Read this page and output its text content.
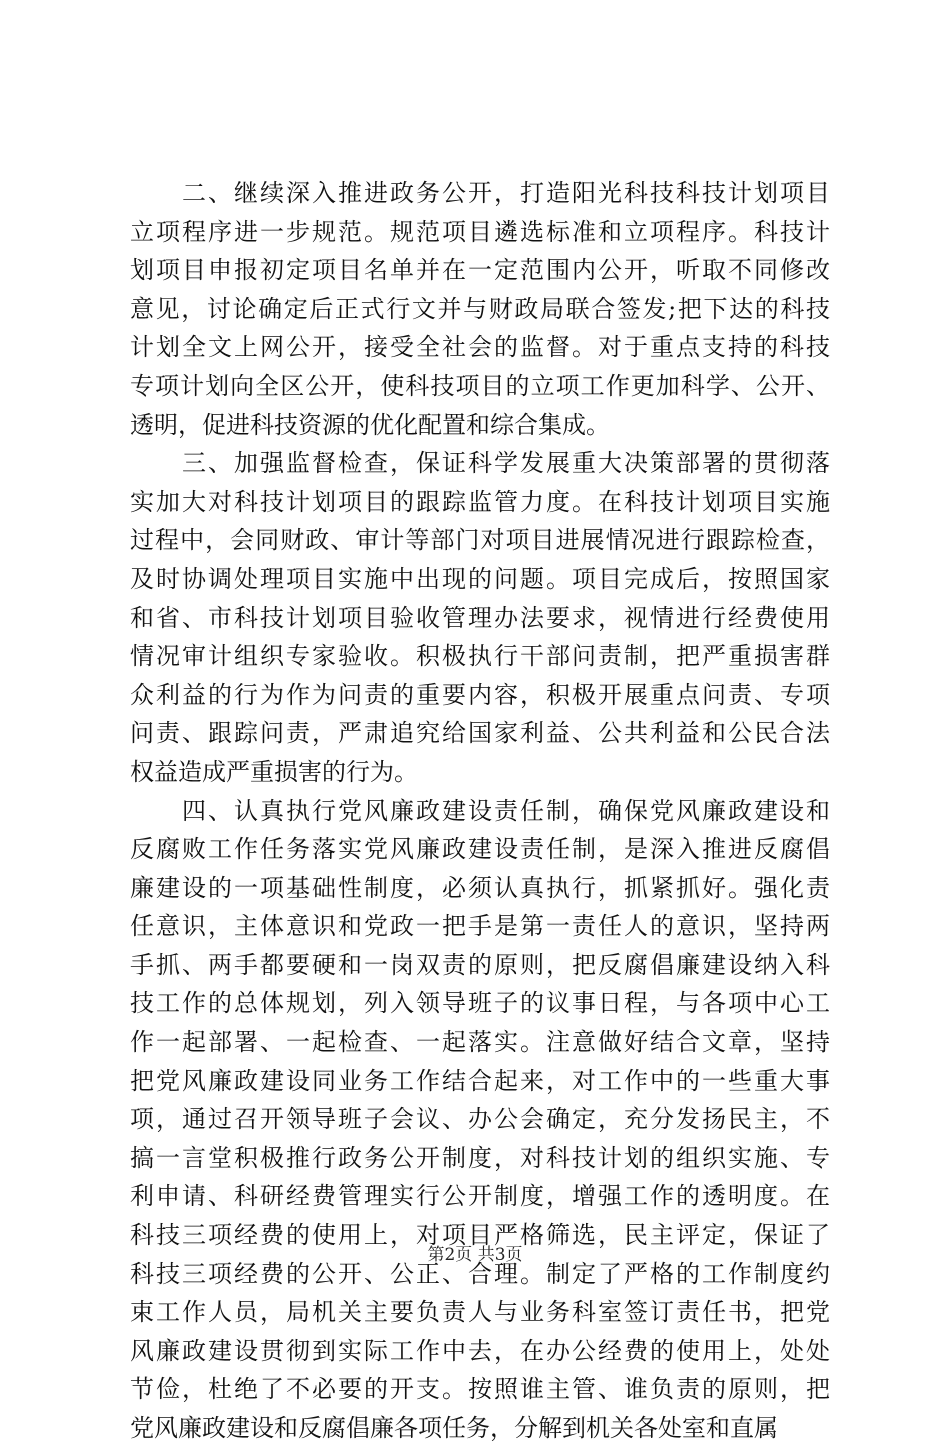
　　二、继续深入推进政务公开，打造阳光科技科技计划项目
立项程序进一步规范。规范项目遴选标准和立项程序。科技计
划项目申报初定项目名单并在一定范围内公开，听取不同修改
意见，讨论确定后正式行文并与财政局联合签发;把下达的科技
计划全文上网公开，接受全社会的监督。对于重点支持的科技
专项计划向全区公开，使科技项目的立项工作更加科学、公开、
透明，促进科技资源的优化配置和综合集成。
　　三、加强监督检查，保证科学发展重大决策部署的贯彻落
实加大对科技计划项目的跟踪监管力度。在科技计划项目实施
过程中，会同财政、审计等部门对项目进展情况进行跟踪检查，
及时协调处理项目实施中出现的问题。项目完成后，按照国家
和省、市科技计划项目验收管理办法要求，视情进行经费使用
情况审计组织专家验收。积极执行干部问责制，把严重损害群
众利益的行为作为问责的重要内容，积极开展重点问责、专项
问责、跟踪问责，严肃追究给国家利益、公共利益和公民合法
权益造成严重损害的行为。
　　四、认真执行党风廉政建设责任制，确保党风廉政建设和
反腐败工作任务落实党风廉政建设责任制，是深入推进反腐倡
廉建设的一项基础性制度，必须认真执行，抓紧抓好。强化责
任意识，主体意识和党政一把手是第一责任人的意识，坚持两
手抓、两手都要硬和一岗双责的原则，把反腐倡廉建设纳入科
技工作的总体规划，列入领导班子的议事日程，与各项中心工
作一起部署、一起检查、一起落实。注意做好结合文章，坚持
把党风廉政建设同业务工作结合起来，对工作中的一些重大事
项，通过召开领导班子会议、办公会确定，充分发扬民主，不
搞一言堂积极推行政务公开制度，对科技计划的组织实施、专
利申请、科研经费管理实行公开制度，增强工作的透明度。在
科技三项经费的使用上，对项目严格筛选，民主评定，保证了
科技三项经费的公开、公正、合理。制定了严格的工作制度约
束工作人员，局机关主要负责人与业务科室签订责任书，把党
风廉政建设贯彻到实际工作中去，在办公经费的使用上，处处
节俭，杜绝了不必要的开支。按照谁主管、谁负责的原则，把
党风廉政建设和反腐倡廉各项任务，分解到机关各处室和直属
第2页 共3页
